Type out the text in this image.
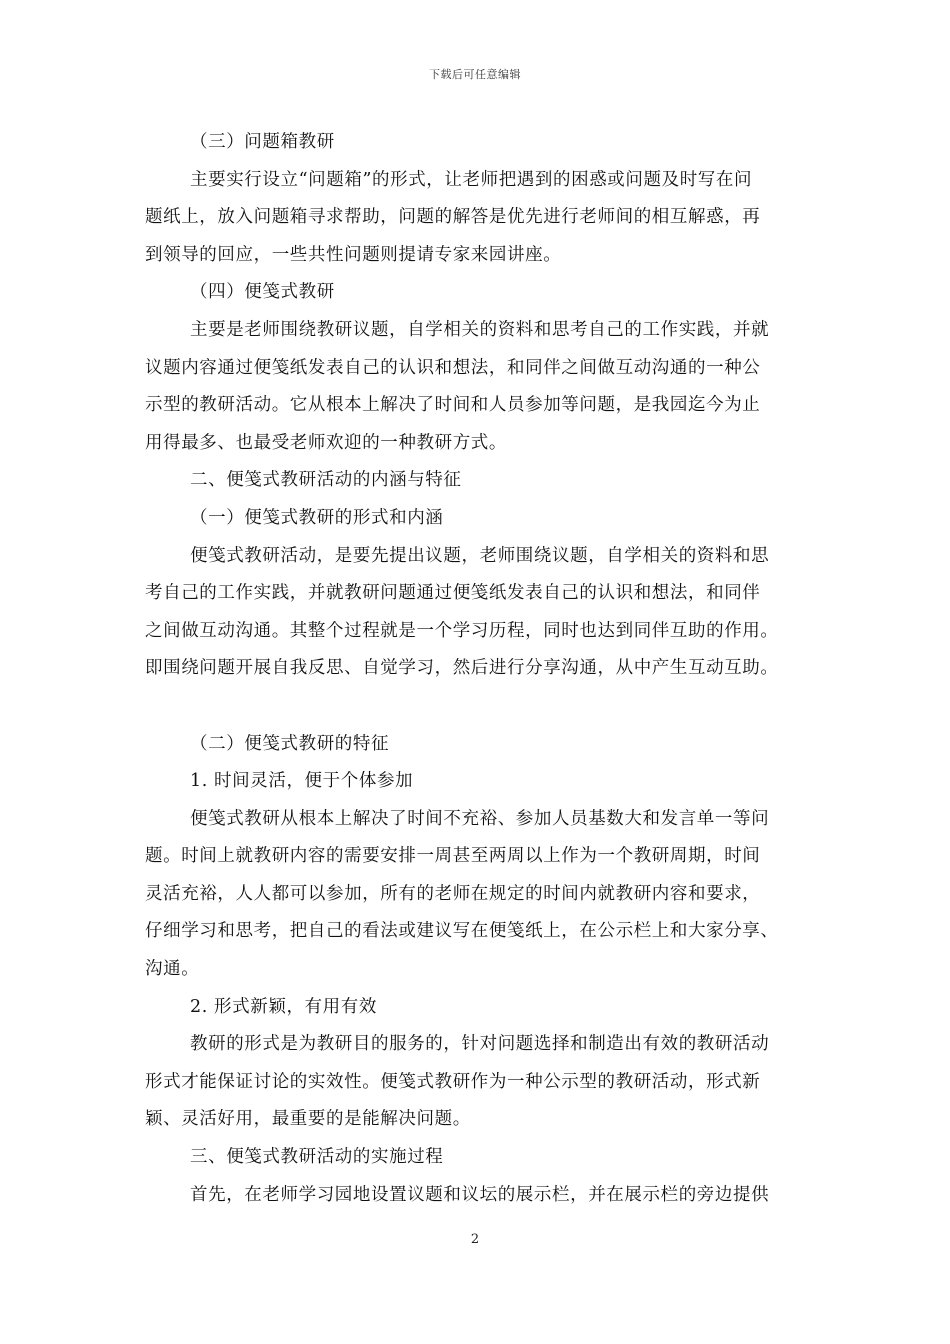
下载后可任意编辑
（三）问题箱教研
主要实行设立“问题箱”的形式，让老师把遇到的困惑或问题及时写在问
题纸上，放入问题箱寻求帮助，问题的解答是优先进行老师间的相互解惑，再
到领导的回应，一些共性问题则提请专家来园讲座。
（四）便笺式教研
主要是老师围绕教研议题，自学相关的资料和思考自己的工作实践，并就
议题内容通过便笺纸发表自己的认识和想法，和同伴之间做互动沟通的一种公
示型的教研活动。它从根本上解决了时间和人员参加等问题，是我园迄今为止
用得最多、也最受老师欢迎的一种教研方式。
二、便笺式教研活动的内涵与特征
（一）便笺式教研的形式和内涵
便笺式教研活动，是要先提出议题，老师围绕议题，自学相关的资料和思
考自己的工作实践，并就教研问题通过便笺纸发表自己的认识和想法，和同伴
之间做互动沟通。其整个过程就是一个学习历程，同时也达到同伴互助的作用。
即围绕问题开展自我反思、自觉学习，然后进行分享沟通，从中产生互动互助。
（二）便笺式教研的特征
1. 时间灵活，便于个体参加
便笺式教研从根本上解决了时间不充裕、参加人员基数大和发言单一等问
题。时间上就教研内容的需要安排一周甚至两周以上作为一个教研周期，时间
灵活充裕，人人都可以参加，所有的老师在规定的时间内就教研内容和要求，
仔细学习和思考，把自己的看法或建议写在便笺纸上，在公示栏上和大家分享、
沟通。
2. 形式新颖，有用有效
教研的形式是为教研目的服务的，针对问题选择和制造出有效的教研活动
形式才能保证讨论的实效性。便笺式教研作为一种公示型的教研活动，形式新
颖、灵活好用，最重要的是能解决问题。
三、便笺式教研活动的实施过程
首先，在老师学习园地设置议题和议坛的展示栏，并在展示栏的旁边提供
2
